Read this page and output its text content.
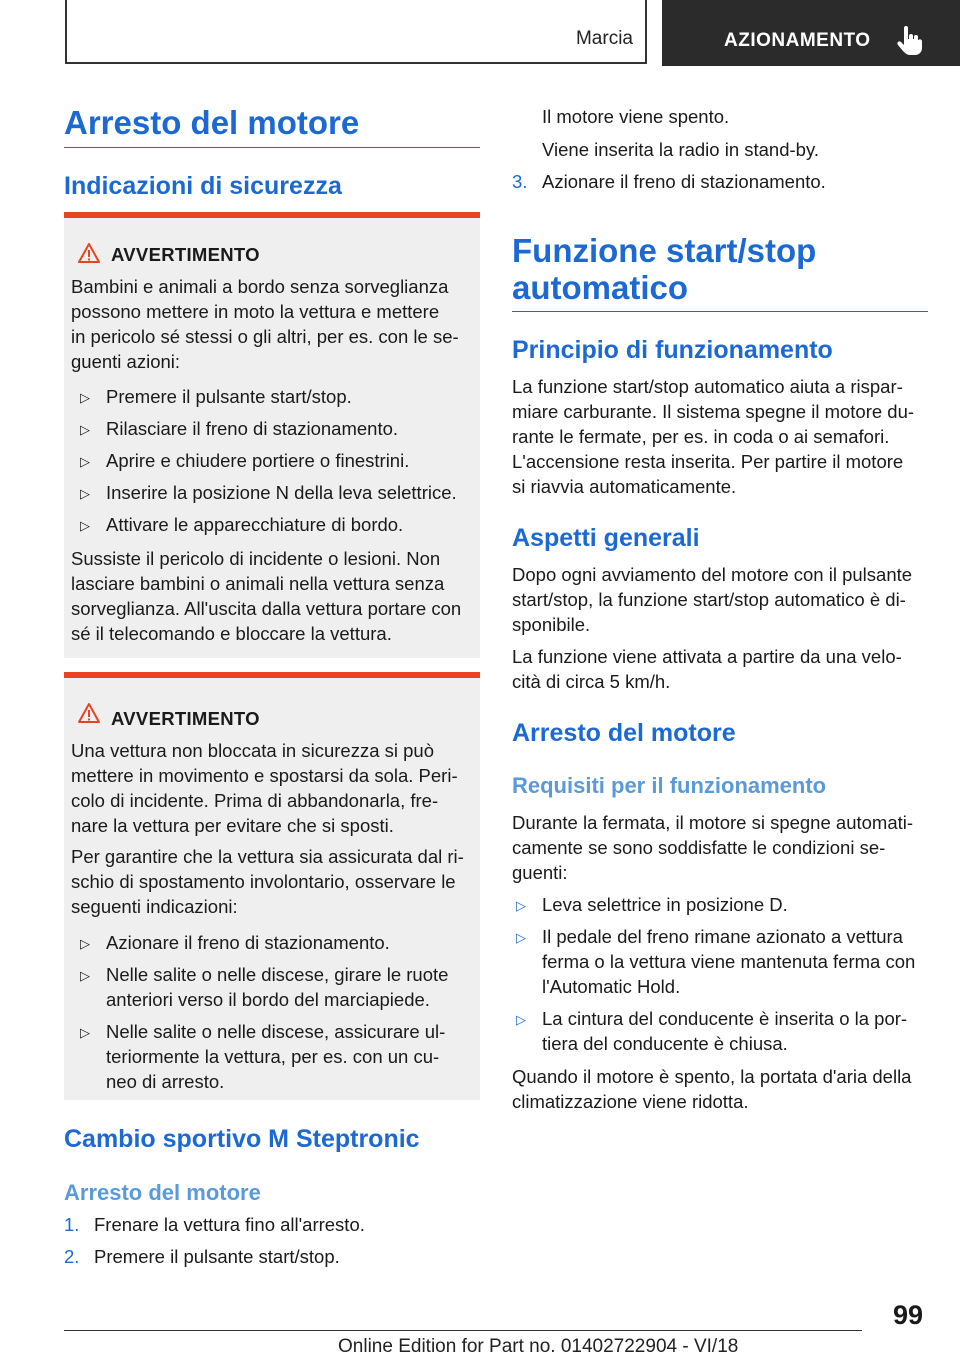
Marcia	AZIONAMENTO
Arresto del motore
Indicazioni di sicurezza
AVVERTIMENTO
Bambini e animali a bordo senza sorveglianza
possono mettere in moto la vettura e mettere
in pericolo sé stessi o gli altri, per es. con le se-
guenti azioni:
▷ Premere il pulsante start/stop.
▷ Rilasciare il freno di stazionamento.
▷ Aprire e chiudere portiere o finestrini.
▷ Inserire la posizione N della leva selettrice.
▷ Attivare le apparecchiature di bordo.
Sussiste il pericolo di incidente o lesioni. Non
lasciare bambini o animali nella vettura senza
sorveglianza. All'uscita dalla vettura portare con
sé il telecomando e bloccare la vettura.
AVVERTIMENTO
Una vettura non bloccata in sicurezza si può
mettere in movimento e spostarsi da sola. Peri-
colo di incidente. Prima di abbandonarla, fre-
nare la vettura per evitare che si sposti.
Per garantire che la vettura sia assicurata dal ri-
schio di spostamento involontario, osservare le
seguenti indicazioni:
▷ Azionare il freno di stazionamento.
▷ Nelle salite o nelle discese, girare le ruote
anteriori verso il bordo del marciapiede.
▷ Nelle salite o nelle discese, assicurare ul-
teriormente la vettura, per es. con un cu-
neo di arresto.
Cambio sportivo M Steptronic
Arresto del motore
1. Frenare la vettura fino all'arresto.
2. Premere il pulsante start/stop.
Il motore viene spento.
Viene inserita la radio in stand-by.
3. Azionare il freno di stazionamento.
Funzione start/stop
automatico
Principio di funzionamento
La funzione start/stop automatico aiuta a rispar-
miare carburante. Il sistema spegne il motore du-
rante le fermate, per es. in coda o ai semafori.
L'accensione resta inserita. Per partire il motore
si riavvia automaticamente.
Aspetti generali
Dopo ogni avviamento del motore con il pulsante
start/stop, la funzione start/stop automatico è di-
sponibile.
La funzione viene attivata a partire da una velo-
cità di circa 5 km/h.
Arresto del motore
Requisiti per il funzionamento
Durante la fermata, il motore si spegne automati-
camente se sono soddisfatte le condizioni se-
guenti:
▷ Leva selettrice in posizione D.
▷ Il pedale del freno rimane azionato a vettura
ferma o la vettura viene mantenuta ferma con
l'Automatic Hold.
▷ La cintura del conducente è inserita o la por-
tiera del conducente è chiusa.
Quando il motore è spento, la portata d'aria della
climatizzazione viene ridotta.
99
Online Edition for Part no. 01402722904 - VI/18
